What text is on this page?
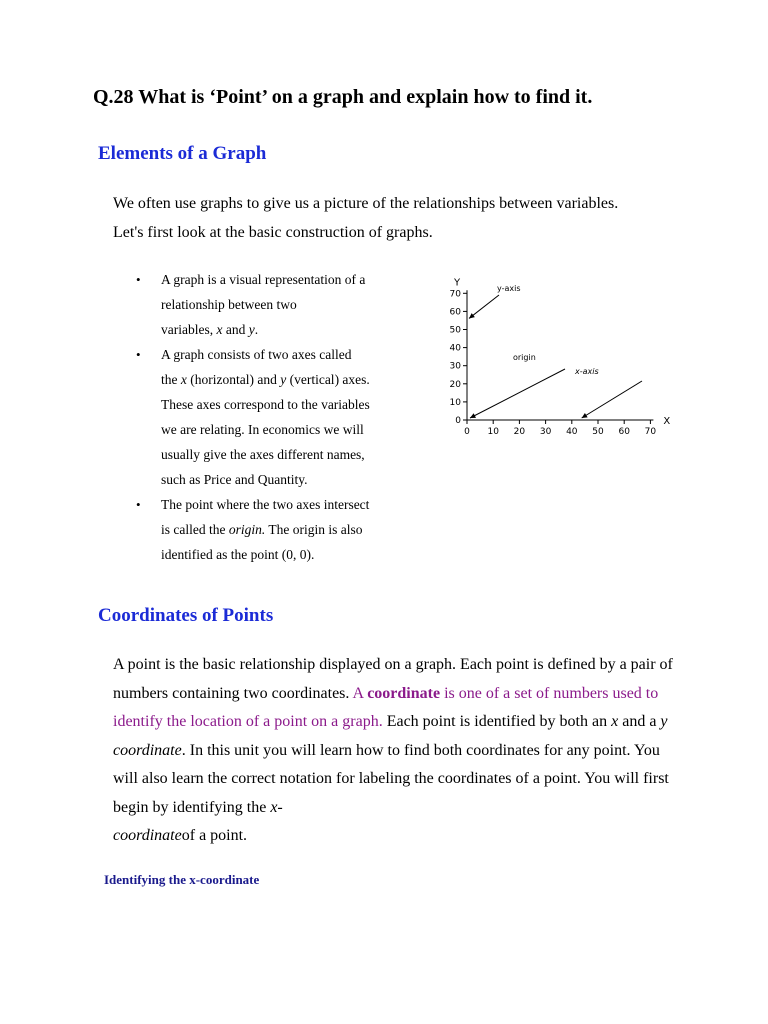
Q.28 What is ‘Point’ on a graph and explain how to find it.
Elements of a Graph
We often use graphs to give us a picture of the relationships between variables.
Let's first look at the basic construction of graphs.
• A graph is a visual representation of a
relationship between two
variables, x and y.
• A graph consists of two axes called
the x (horizontal) and y (vertical) axes.
These axes correspond to the variables
we are relating. In economics we will
usually give the axes different names,
such as Price and Quantity.
• The point where the two axes intersect
is called the origin. The origin is also
identified as the point (0, 0).
0 10 20 30 40 50 60 70
0
10
20
30
40
50
60
70
X
Y
y-axis
origin
x-axis
Coordinates of Points
A point is the basic relationship displayed on a graph. Each point is defined by a pair of numbers containing two coordinates. A coordinate is one of a set of numbers used to identify the location of a point on a graph. Each point is identified by both an x and a y coordinate. In this unit you will learn how to find both coordinates for any point. You will also learn the correct notation for labeling the coordinates of a point. You will first begin by identifying the x-
coordinateof a point.
Identifying the x-coordinate
